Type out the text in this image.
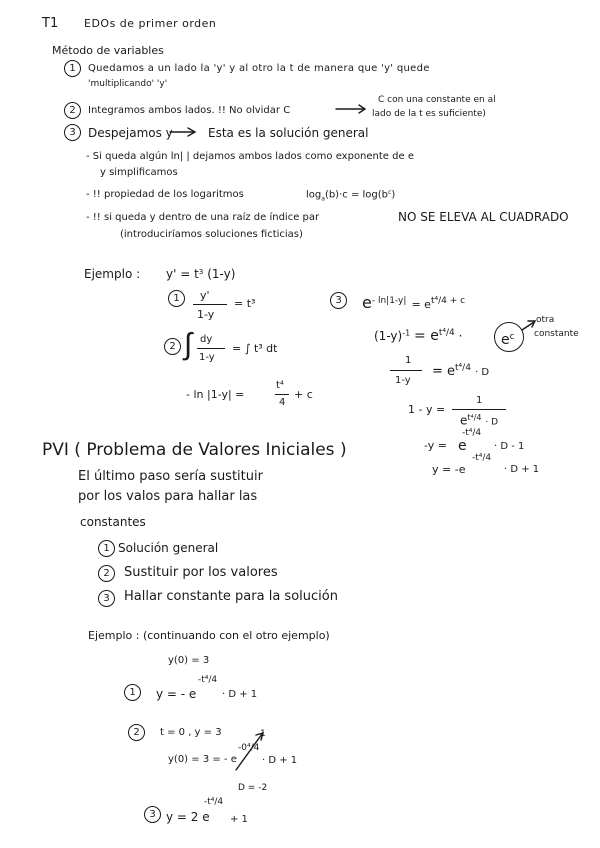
T1 EDOs de primer orden
Método de variables
1	Quedamos a un lado la 'y' y al otro la t de manera que 'y' quede
'multiplicando' 'y'
2	Integramos ambos lados. !! No olvidar C
C con una constante en al
lado de la t es suficiente)
3	Despejamos y	Esta es la solución general
- Si queda algún ln| | dejamos ambos lados como exponente de e
y simplificamos
- !! propiedad de los logaritmos	$\log_a(b)\cdot c = \log(b^c)$
- !! si queda y dentro de una raíz de índice par	NO SE ELEVA AL CUADRADO
(introduciríamos soluciones ficticias)
Ejemplo : $y' = t^3$ (1-y)
1	y'
1-y
= t³
2 ∫ dy
1-y
= ∫ t³ dt
- ln |1-y| =
t⁴
4
+ c
3	$e^{- ln|1-y|} = e^{t^4/4 + c}$
$(1-y)^{-1} = e^{t^4/4}$ ·	$e^c$
otra
constante
1
1-y
= $e^{t^4/4} \cdot D$
1 - y =
1
$e^{t^4/4} \cdot D$
-y =
-t⁴/4
e	· D - 1
y = -e
-t⁴/4
· D + 1
PVI ( Problema de Valores Iniciales )
El último paso sería sustituir
por los valos para hallar las
constantes
1 Solución general
2	Sustituir por los valores
3	Hallar constante para la solución
Ejemplo : (continuando con el otro ejemplo)
y(0) = 3
1	y = - e
-t⁴/4
· D + 1
2	t = 0 , y = 3
y(0) = 3 = - e
-0⁴/4
1
· D + 1
D = -2
3 y = 2 e
-t⁴/4
+ 1
